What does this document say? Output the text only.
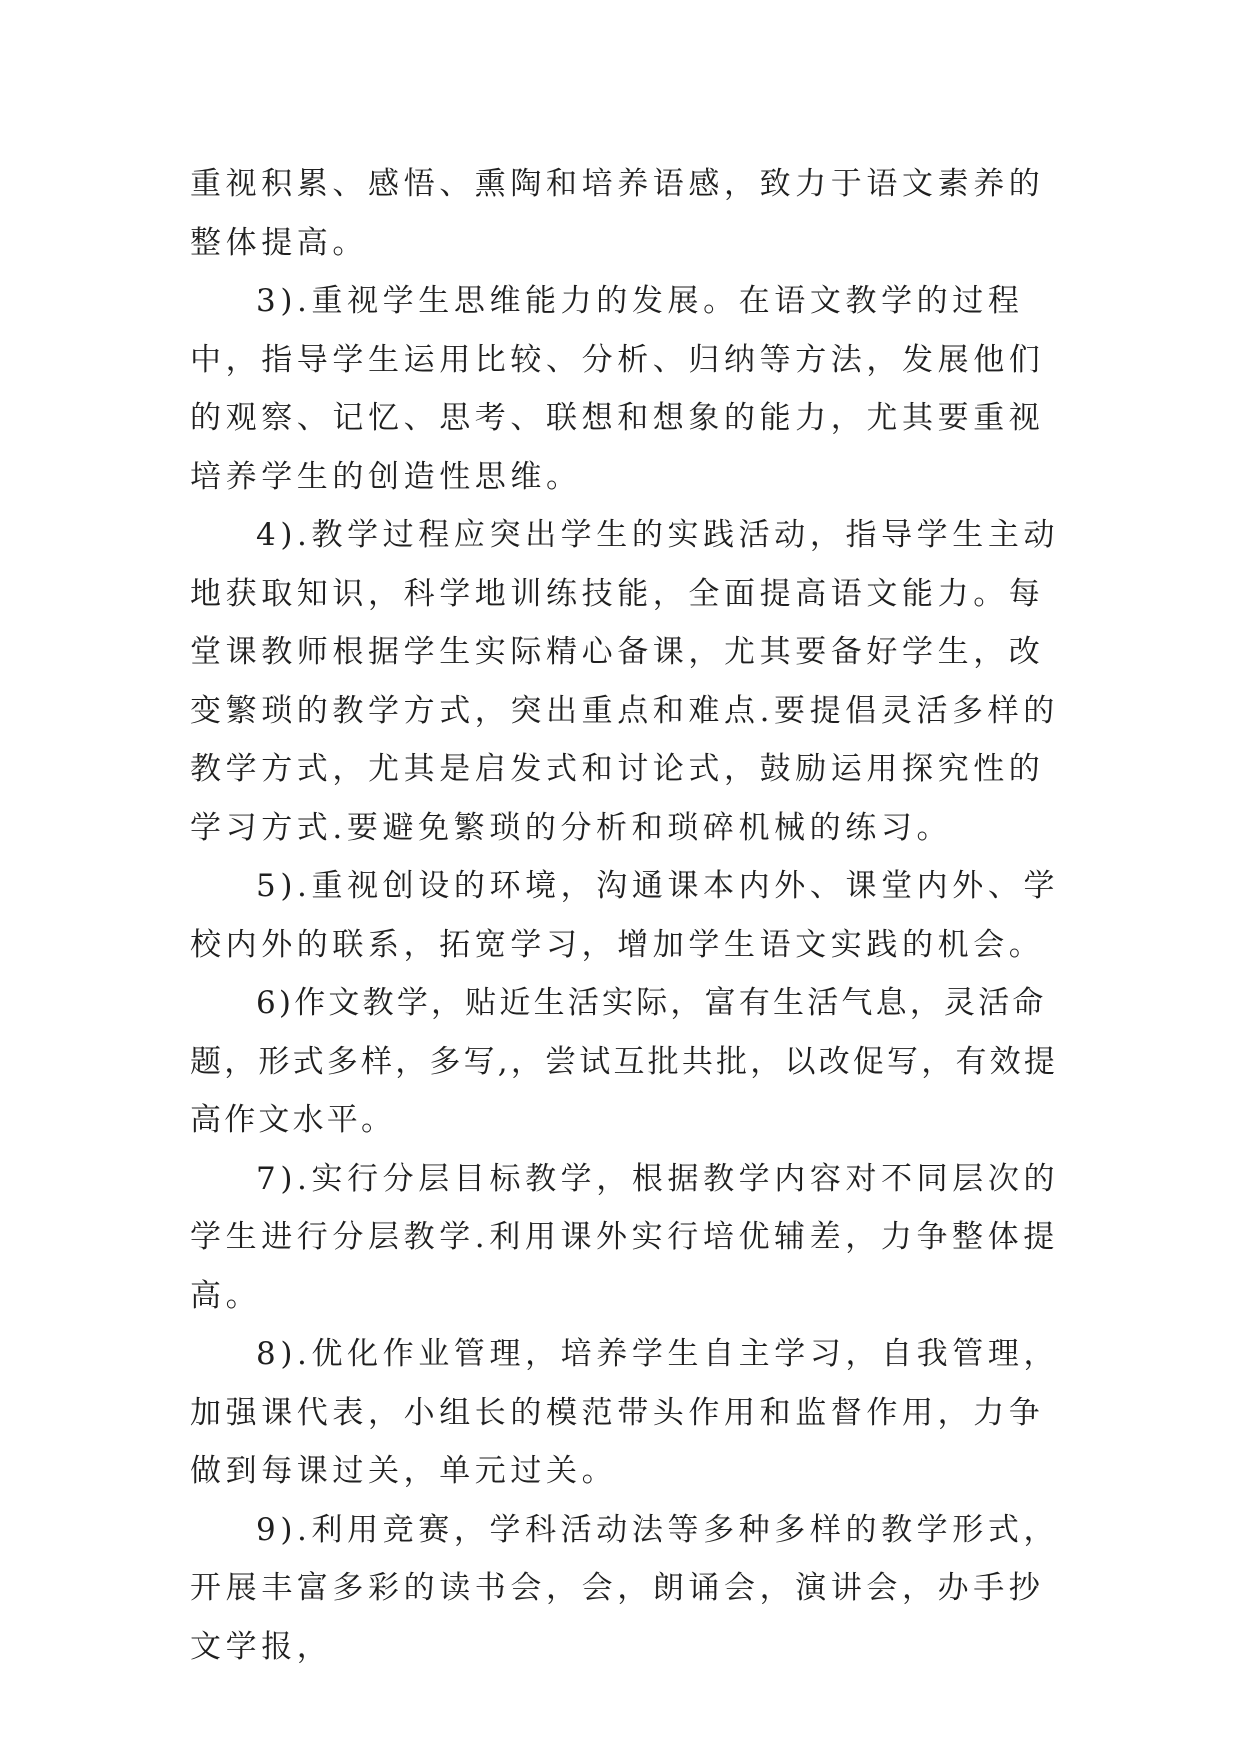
重视积累、感悟、熏陶和培养语感，致力于语文素养的整体提高。

3).重视学生思维能力的发展。在语文教学的过程中，指导学生运用比较、分析、归纳等方法，发展他们的观察、记忆、思考、联想和想象的能力，尤其要重视培养学生的创造性思维。

4).教学过程应突出学生的实践活动，指导学生主动地获取知识，科学地训练技能，全面提高语文能力。每堂课教师根据学生实际精心备课，尤其要备好学生，改变繁琐的教学方式，突出重点和难点.要提倡灵活多样的教学方式，尤其是启发式和讨论式，鼓励运用探究性的学习方式.要避免繁琐的分析和琐碎机械的练习。

5).重视创设的环境，沟通课本内外、课堂内外、学校内外的联系，拓宽学习，增加学生语文实践的机会。

6)作文教学，贴近生活实际，富有生活气息，灵活命题，形式多样，多写,，尝试互批共批，以改促写，有效提高作文水平。

7).实行分层目标教学，根据教学内容对不同层次的学生进行分层教学.利用课外实行培优辅差，力争整体提高。

8).优化作业管理，培养学生自主学习，自我管理，加强课代表，小组长的模范带头作用和监督作用，力争做到每课过关，单元过关。

9).利用竞赛，学科活动法等多种多样的教学形式，开展丰富多彩的读书会，会，朗诵会，演讲会，办手抄文学报，
